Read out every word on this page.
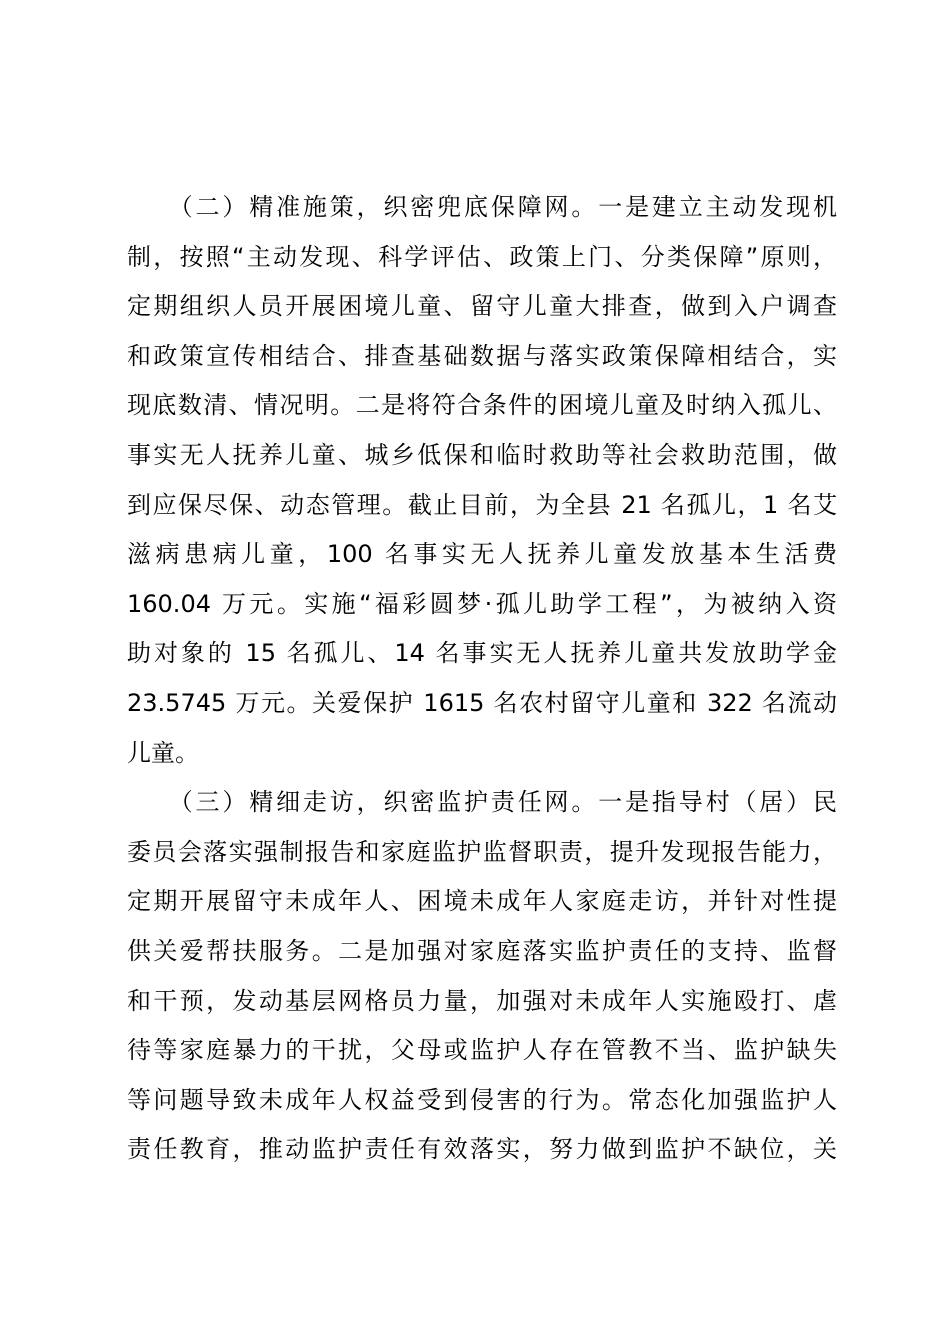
　　（二）精准施策，织密兜底保障网。一是建立主动发现机
制，按照“主动发现、科学评估、政策上门、分类保障”原则，
定期组织人员开展困境儿童、留守儿童大排查，做到入户调查
和政策宣传相结合、排查基础数据与落实政策保障相结合，实
现底数清、情况明。二是将符合条件的困境儿童及时纳入孤儿、
事实无人抚养儿童、城乡低保和临时救助等社会救助范围，做
到应保尽保、动态管理。截止目前，为全县 21 名孤儿，1 名艾
滋病患病儿童，100 名事实无人抚养儿童发放基本生活费
160.04 万元。实施“福彩圆梦·孤儿助学工程”，为被纳入资
助对象的 15 名孤儿、14 名事实无人抚养儿童共发放助学金
23.5745 万元。关爱保护 1615 名农村留守儿童和 322 名流动
儿童。
　　（三）精细走访，织密监护责任网。一是指导村（居）民
委员会落实强制报告和家庭监护监督职责，提升发现报告能力，
定期开展留守未成年人、困境未成年人家庭走访，并针对性提
供关爱帮扶服务。二是加强对家庭落实监护责任的支持、监督
和干预，发动基层网格员力量，加强对未成年人实施殴打、虐
待等家庭暴力的干扰，父母或监护人存在管教不当、监护缺失
等问题导致未成年人权益受到侵害的行为。常态化加强监护人
责任教育，推动监护责任有效落实，努力做到监护不缺位，关
